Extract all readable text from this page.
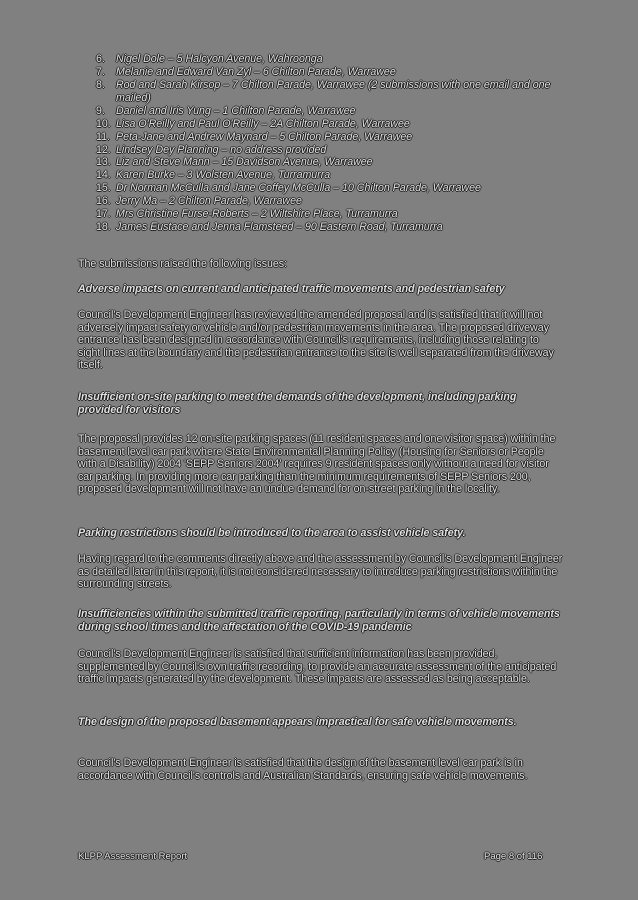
6.	Nigel Dole – 5 Halcyon Avenue, Wahroonga
7.	Melanie and Edward Van Zyl – 6 Chilton Parade, Warrawee
8.	Rod and Sarah Kirsop – 7 Chilton Parade, Warrawee (2 submissions with one email and one mailed)
9.	Daniel and Iris Yung – 1 Chilton Parade, Warrawee
10. Lisa O'Reilly and Paul O'Reilly – 2A Chilton Parade, Warrawee
11. Peta-Jane and Andrew Maynard – 5 Chilton Parade, Warrawee
12. Lindsey Dey Planning – no address provided
13. Liz and Steve Mann – 15 Davidson Avenue, Warrawee
14. Karen Burke – 3 Wolsten Avenue, Turramurra
15. Dr Norman McCulla and Jane Coffey McCulla – 10 Chilton Parade, Warrawee
16. Jerry Ma – 2 Chilton Parade, Warrawee
17. Mrs Christine Furse-Roberts – 2 Wiltshire Place, Turramurra
18. James Eustace and Jenna Flamsteed – 90 Eastern Road, Turramurra
The submissions raised the following issues:
Adverse impacts on current and anticipated traffic movements and pedestrian safety
Council's Development Engineer has reviewed the amended proposal and is satisfied that it will not adversely impact safety or vehicle and/or pedestrian movements in the area. The proposed driveway entrance has been designed in accordance with Council's requirements, including those relating to sight lines at the boundary and the pedestrian entrance to the site is well separated from the driveway itself.
Insufficient on-site parking to meet the demands of the development, including parking provided for visitors
The proposal provides 12 on-site parking spaces (11 resident spaces and one visitor space) within the basement level car park where State Environmental Planning Policy (Housing for Seniors or People with a Disability) 2004 'SEPP Seniors 2004' requires 9 resident spaces only without a need for visitor car parking. In providing more car parking than the minimum requirements of SEPP Seniors 200, proposed development will not have an undue demand for on-street parking in the locality.
Parking restrictions should be introduced to the area to assist vehicle safety.
Having regard to the comments directly above and the assessment by Council's Development Engineer as detailed later in this report, it is not considered necessary to introduce parking restrictions within the surrounding streets.
Insufficiencies within the submitted traffic reporting, particularly in terms of vehicle movements during school times and the affectation of the COVID-19 pandemic
Council's Development Engineer is satisfied that sufficient information has been provided, supplemented by Council's own traffic recording, to provide an accurate assessment of the anticipated traffic impacts generated by the development. These impacts are assessed as being acceptable.
The design of the proposed basement appears impractical for safe vehicle movements.
Council's Development Engineer is satisfied that the design of the basement level car park is in accordance with Council's controls and Australian Standards, ensuring safe vehicle movements.
KLPP Assessment Report	Page 8 of 116
